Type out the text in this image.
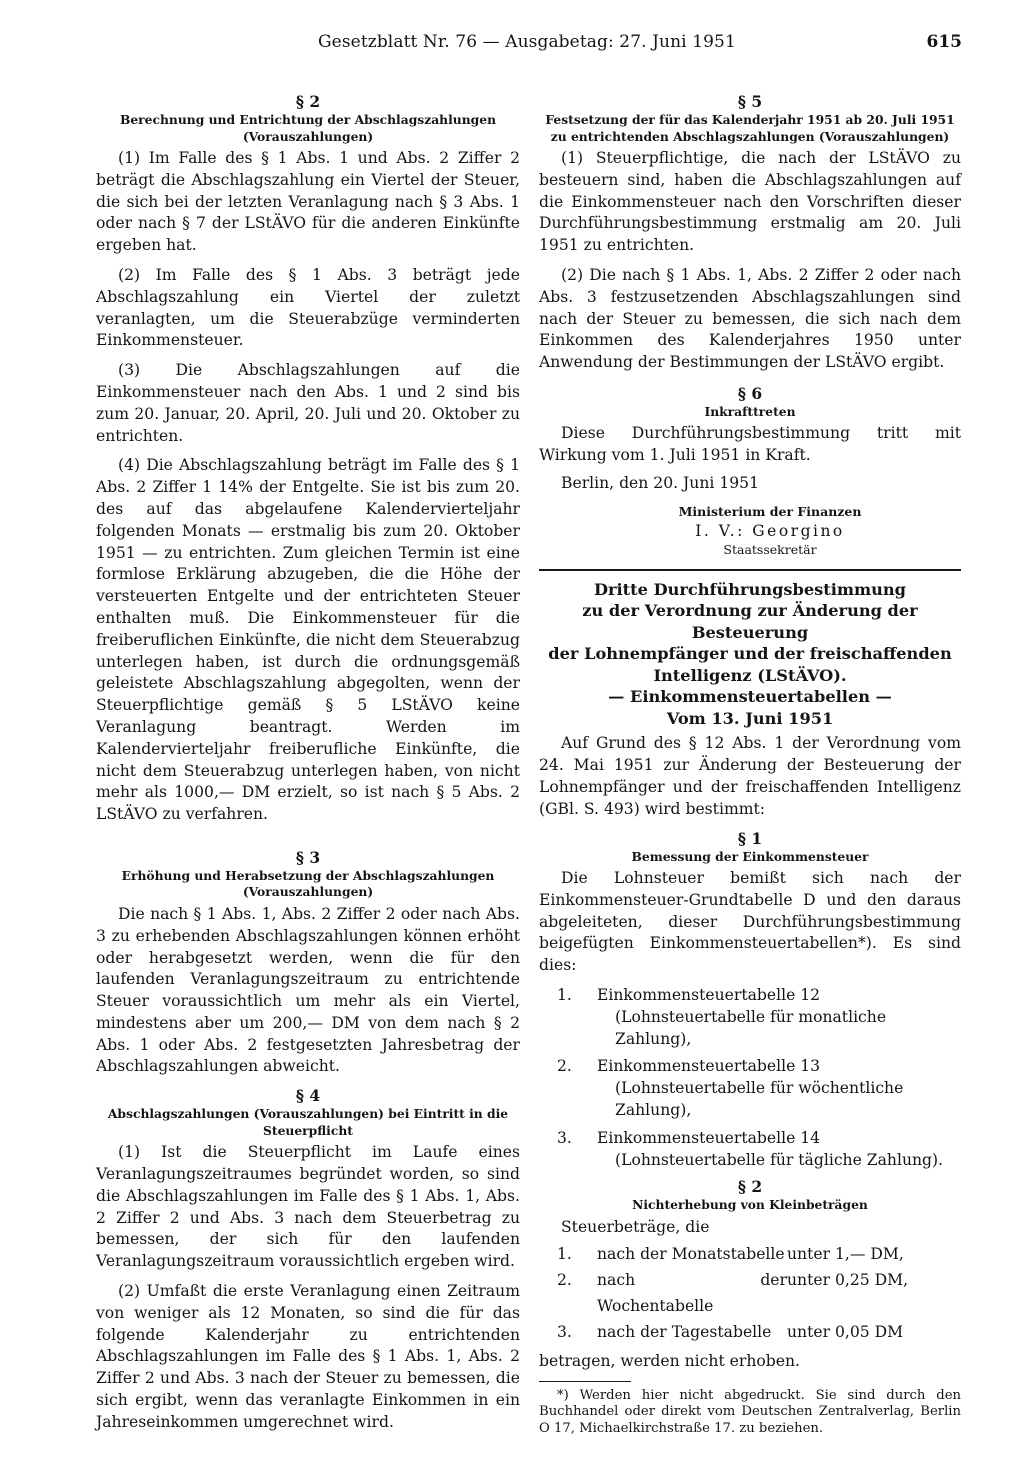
Gesetzblatt Nr. 76 — Ausgabetag: 27. Juni 1951	615
§ 2
Berechnung und Entrichtung der Abschlagszahlungen (Vorauszahlungen)

(1) Im Falle des § 1 Abs. 1 und Abs. 2 Ziffer 2 beträgt die Abschlagszahlung ein Viertel der Steuer, die sich bei der letzten Veranlagung nach § 3 Abs. 1 oder nach § 7 der LStÄVO für die anderen Einkünfte ergeben hat.

(2) Im Falle des § 1 Abs. 3 beträgt jede Abschlagszahlung ein Viertel der zuletzt veranlagten, um die Steuerabzüge verminderten Einkommensteuer.

(3) Die Abschlagszahlungen auf die Einkommensteuer nach den Abs. 1 und 2 sind bis zum 20. Januar, 20. April, 20. Juli und 20. Oktober zu entrichten.

(4) Die Abschlagszahlung beträgt im Falle des § 1 Abs. 2 Ziffer 1 14% der Entgelte. Sie ist bis zum 20. des auf das abgelaufene Kalendervierteljahr folgenden Monats — erstmalig bis zum 20. Oktober 1951 — zu entrichten. Zum gleichen Termin ist eine formlose Erklärung abzugeben, die die Höhe der versteuerten Entgelte und der entrichteten Steuer enthalten muß. Die Einkommensteuer für die freiberuflichen Einkünfte, die nicht dem Steuerabzug unterlegen haben, ist durch die ordnungsgemäß geleistete Abschlagszahlung abgegolten, wenn der Steuerpflichtige gemäß § 5 LStÄVO keine Veranlagung beantragt. Werden im Kalendervierteljahr freiberufliche Einkünfte, die nicht dem Steuerabzug unterlegen haben, von nicht mehr als 1000,— DM erzielt, so ist nach § 5 Abs. 2 LStÄVO zu verfahren.

§ 3
Erhöhung und Herabsetzung der Abschlagszahlungen (Vorauszahlungen)

Die nach § 1 Abs. 1, Abs. 2 Ziffer 2 oder nach Abs. 3 zu erhebenden Abschlagszahlungen können erhöht oder herabgesetzt werden, wenn die für den laufenden Veranlagungszeitraum zu entrichtende Steuer voraussichtlich um mehr als ein Viertel, mindestens aber um 200,— DM von dem nach § 2 Abs. 1 oder Abs. 2 festgesetzten Jahresbetrag der Abschlagszahlungen abweicht.

§ 4
Abschlagszahlungen (Vorauszahlungen) bei Eintritt in die Steuerpflicht

(1) Ist die Steuerpflicht im Laufe eines Veranlagungszeitraumes begründet worden, so sind die Abschlagszahlungen im Falle des § 1 Abs. 1, Abs. 2 Ziffer 2 und Abs. 3 nach dem Steuerbetrag zu bemessen, der sich für den laufenden Veranlagungszeitraum voraussichtlich ergeben wird.

(2) Umfaßt die erste Veranlagung einen Zeitraum von weniger als 12 Monaten, so sind die für das folgende Kalenderjahr zu entrichtenden Abschlagszahlungen im Falle des § 1 Abs. 1, Abs. 2 Ziffer 2 und Abs. 3 nach der Steuer zu bemessen, die sich ergibt, wenn das veranlagte Einkommen in ein Jahreseinkommen umgerechnet wird.

§ 5
Festsetzung der für das Kalenderjahr 1951 ab 20. Juli 1951 zu entrichtenden Abschlagszahlungen (Vorauszahlungen)

(1) Steuerpflichtige, die nach der LStÄVO zu besteuern sind, haben die Abschlagszahlungen auf die Einkommensteuer nach den Vorschriften dieser Durchführungsbestimmung erstmalig am 20. Juli 1951 zu entrichten.

(2) Die nach § 1 Abs. 1, Abs. 2 Ziffer 2 oder nach Abs. 3 festzusetzenden Abschlagszahlungen sind nach der Steuer zu bemessen, die sich nach dem Einkommen des Kalenderjahres 1950 unter Anwendung der Bestimmungen der LStÄVO ergibt.

§ 6
Inkrafttreten

Diese Durchführungsbestimmung tritt mit Wirkung vom 1. Juli 1951 in Kraft.

Berlin, den 20. Juni 1951
Ministerium der Finanzen
I. V.: Georgino
Staatssekretär
Dritte Durchführungsbestimmung
zu der Verordnung zur Änderung der Besteuerung
der Lohnempfänger und der freischaffenden
Intelligenz (LStÄVO).
— Einkommensteuertabellen —
Vom 13. Juni 1951

Auf Grund des § 12 Abs. 1 der Verordnung vom 24. Mai 1951 zur Änderung der Besteuerung der Lohnempfänger und der freischaffenden Intelligenz (GBl. S. 493) wird bestimmt:

§ 1
Bemessung der Einkommensteuer

Die Lohnsteuer bemißt sich nach der Einkommensteuer-Grundtabelle D und den daraus abgeleiteten, dieser Durchführungsbestimmung beigefügten Einkommensteuertabellen*). Es sind dies:

1.	Einkommensteuertabelle 12
(Lohnsteuertabelle für monatliche Zahlung),
2.	Einkommensteuertabelle 13
(Lohnsteuertabelle für wöchentliche Zahlung),
3.	Einkommensteuertabelle 14
(Lohnsteuertabelle für tägliche Zahlung).
§ 2
Nichterhebung von Kleinbeträgen

Steuerbeträge, die

1.	nach der Monatstabelle unter 1,— DM,
2.	nach der Wochentabelle
unter 0,25 DM,
3.	nach der Tagestabelle	unter 0,05 DM

betragen, werden nicht erhoben.

*) Werden hier nicht abgedruckt. Sie sind durch den Buchhandel oder direkt vom Deutschen Zentralverlag, Berlin O 17, Michaelkirchstraße 17. zu beziehen.
